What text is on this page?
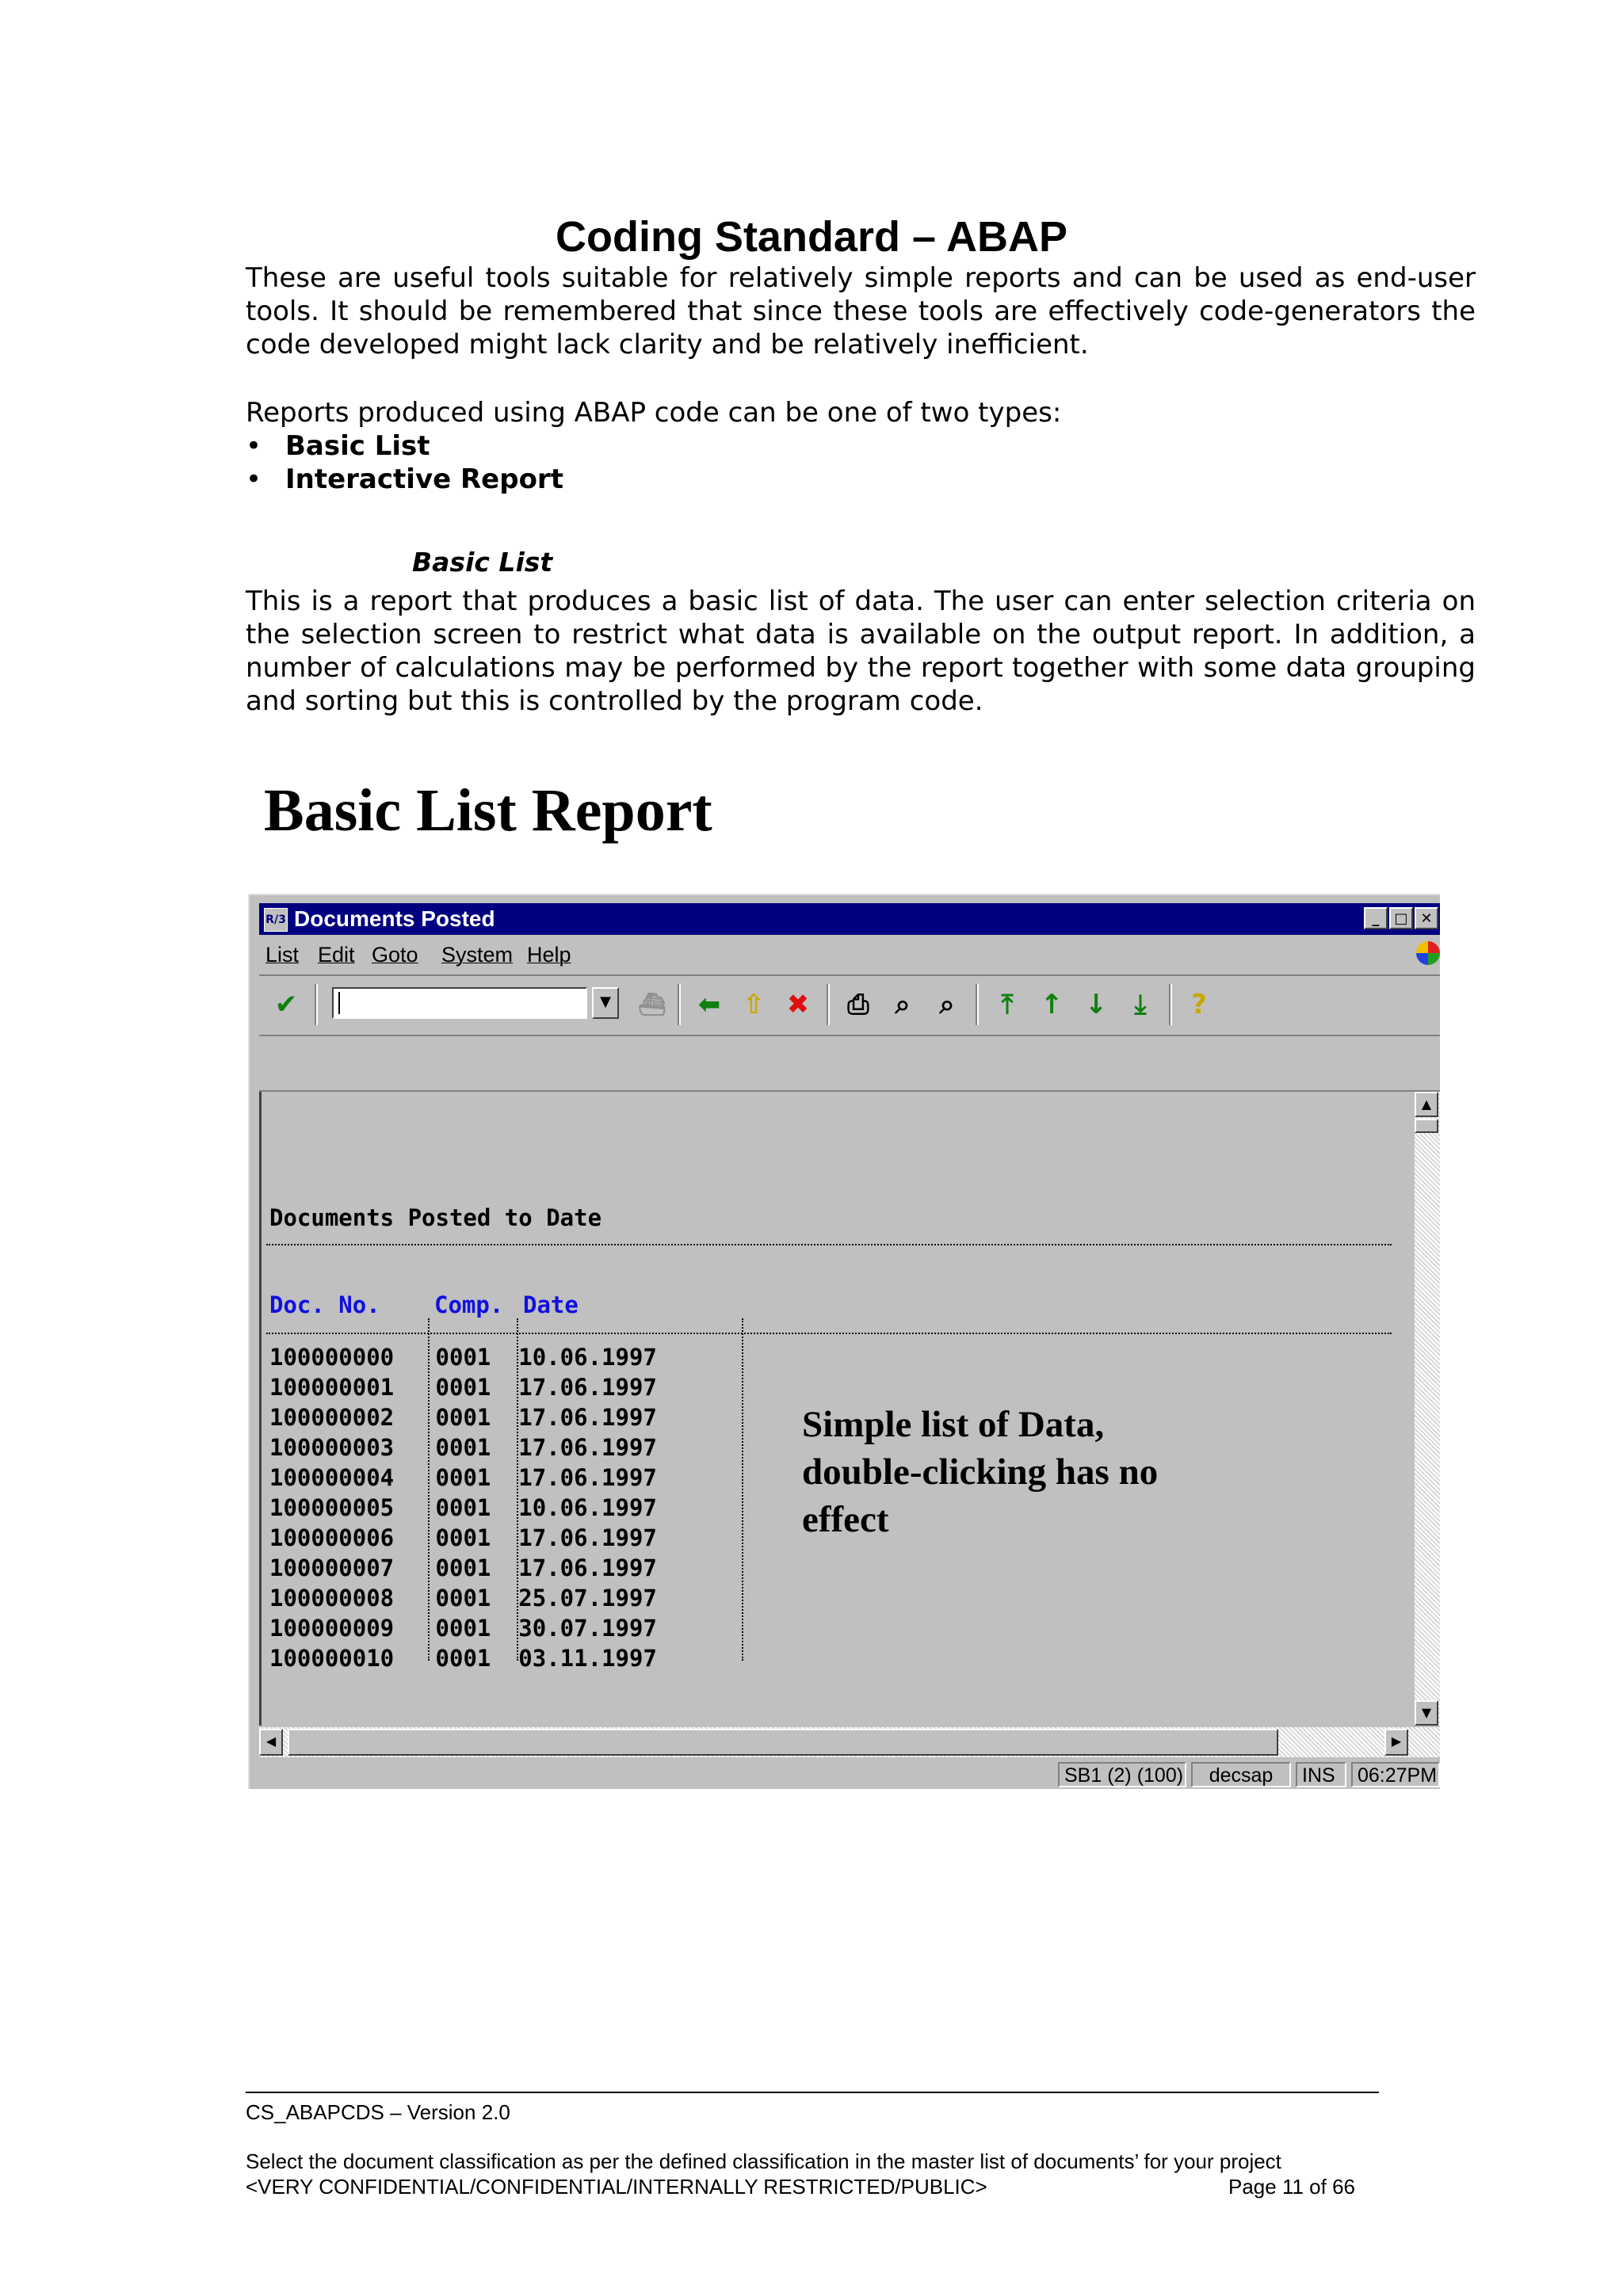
Coding Standard – ABAP
These are useful tools suitable for relatively simple reports and can be used as end-user tools. It should be remembered that since these tools are effectively code-generators the code developed might lack clarity and be relatively inefficient.
Reports produced using ABAP code can be one of two types:
• Basic List
• Interactive Report
Basic List
This is a report that produces a basic list of data. The user can enter selection criteria on the selection screen to restrict what data is available on the output report. In addition, a number of calculations may be performed by the report together with some data grouping and sorting but this is controlled by the program code.
Basic List Report
R/3 Documents Posted	_	□ ✕
List Edit Goto System Help
✔	▼	⛴ ⬅ ⇧ ✖ ⎙ ⌕	⌕	⤒	↑ ↓	⤓	?
Documents Posted to Date
Doc. No. Comp. Date
100000000 0001 10.06.1997
100000001 0001 17.06.1997
100000002 0001 17.06.1997
100000003 0001 17.06.1997
100000004 0001 17.06.1997
100000005 0001 10.06.1997
100000006 0001 17.06.1997
100000007 0001 17.06.1997
100000008 0001 25.07.1997
100000009 0001 30.07.1997
100000010 0001 03.11.1997
Simple list of Data, double-clicking has no effect
▲
▼
◀	▶
SB1 (2) (100)	decsap	INS	06:27PM
CS_ABAPCDS – Version 2.0
Select the document classification as per the defined classification in the master list of documents’ for your project
<VERY CONFIDENTIAL/CONFIDENTIAL/INTERNALLY RESTRICTED/PUBLIC>	Page 11 of 66
